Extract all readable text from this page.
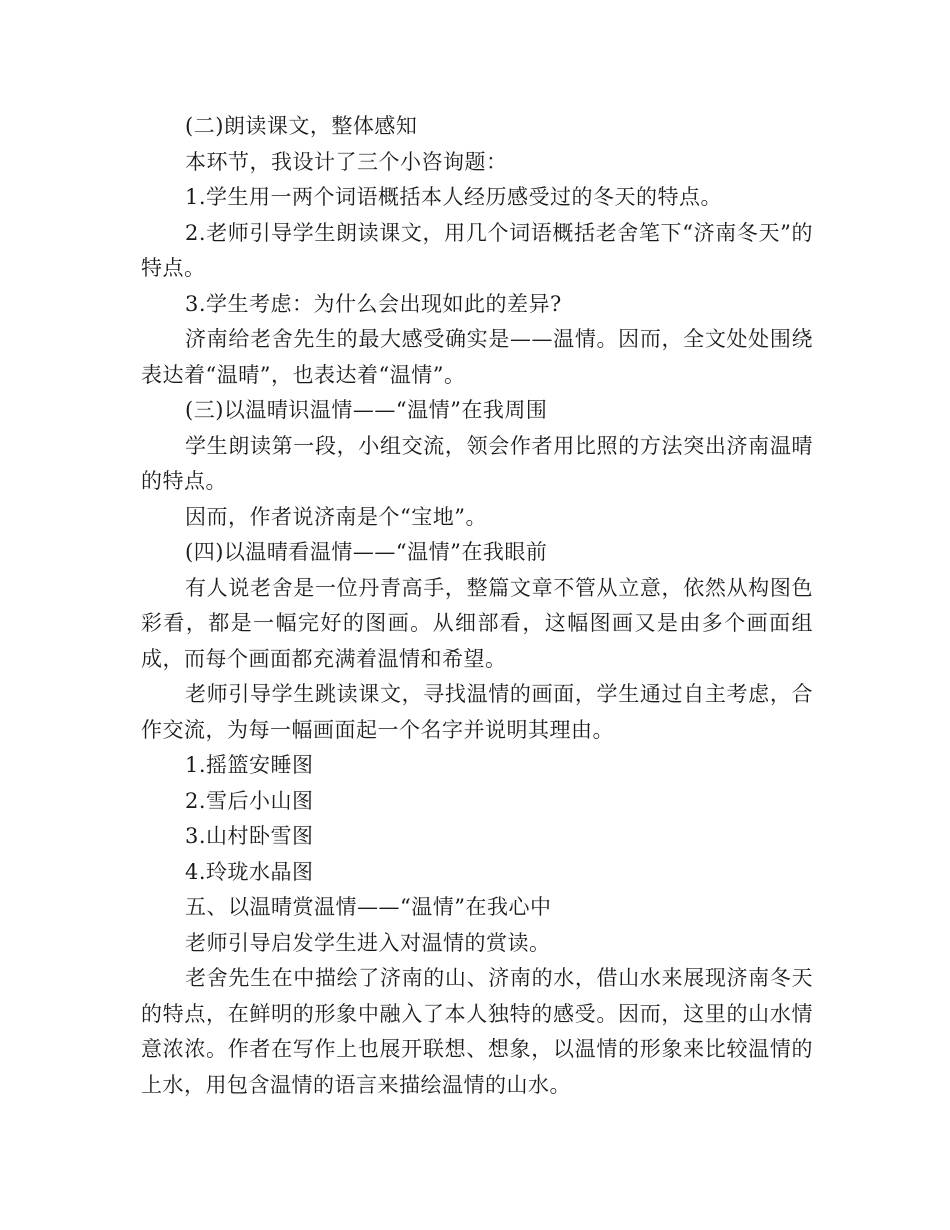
(二)朗读课文，整体感知

本环节，我设计了三个小咨询题：

1.学生用一两个词语概括本人经历感受过的冬天的特点。

2.老师引导学生朗读课文，用几个词语概括老舍笔下“济南冬天”的特点。

3.学生考虑：为什么会出现如此的差异?

济南给老舍先生的最大感受确实是——温情。因而，全文处处围绕表达着“温晴”，也表达着“温情”。

(三)以温晴识温情——“温情”在我周围

学生朗读第一段，小组交流，领会作者用比照的方法突出济南温晴的特点。

因而，作者说济南是个“宝地”。

(四)以温晴看温情——“温情”在我眼前

有人说老舍是一位丹青高手，整篇文章不管从立意，依然从构图色彩看，都是一幅完好的图画。从细部看，这幅图画又是由多个画面组成，而每个画面都充满着温情和希望。

老师引导学生跳读课文，寻找温情的画面，学生通过自主考虑，合作交流，为每一幅画面起一个名字并说明其理由。

1.摇篮安睡图

2.雪后小山图

3.山村卧雪图

4.玲珑水晶图

五、以温晴赏温情——“温情”在我心中

老师引导启发学生进入对温情的赏读。

老舍先生在中描绘了济南的山、济南的水，借山水来展现济南冬天的特点，在鲜明的形象中融入了本人独特的感受。因而，这里的山水情意浓浓。作者在写作上也展开联想、想象，以温情的形象来比较温情的上水，用包含温情的语言来描绘温情的山水。
